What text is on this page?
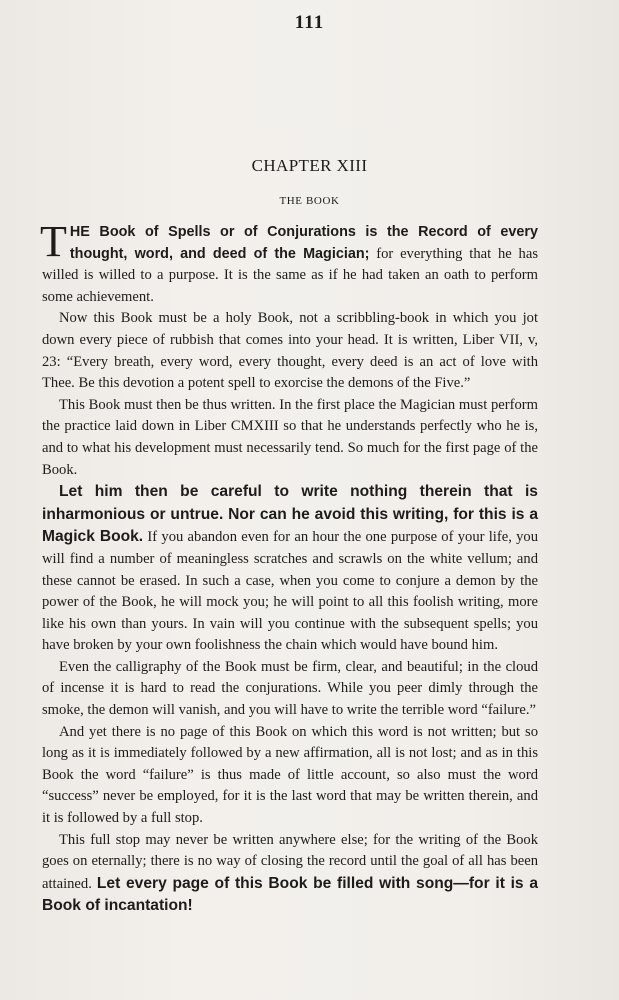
111
CHAPTER XIII
THE BOOK

THE Book of Spells or of Conjurations is the Record of every thought, word, and deed of the Magician; for everything that he has willed is willed to a purpose. It is the same as if he had taken an oath to perform some achievement.

Now this Book must be a holy Book, not a scribbling-book in which you jot down every piece of rubbish that comes into your head. It is written, Liber VII, v, 23: “Every breath, every word, every thought, every deed is an act of love with Thee. Be this devotion a potent spell to exorcise the demons of the Five.”

This Book must then be thus written. In the first place the Magician must perform the practice laid down in Liber CMXIII so that he understands perfectly who he is, and to what his development must necessarily tend. So much for the first page of the Book.

Let him then be careful to write nothing therein that is inharmonious or untrue. Nor can he avoid this writing, for this is a Magick Book. If you abandon even for an hour the one purpose of your life, you will find a number of meaningless scratches and scrawls on the white vellum; and these cannot be erased. In such a case, when you come to conjure a demon by the power of the Book, he will mock you; he will point to all this foolish writing, more like his own than yours. In vain will you continue with the subsequent spells; you have broken by your own foolishness the chain which would have bound him.

Even the calligraphy of the Book must be firm, clear, and beautiful; in the cloud of incense it is hard to read the conjurations. While you peer dimly through the smoke, the demon will vanish, and you will have to write the terrible word “failure.”

And yet there is no page of this Book on which this word is not written; but so long as it is immediately followed by a new affirmation, all is not lost; and as in this Book the word “failure” is thus made of little account, so also must the word “success” never be employed, for it is the last word that may be written therein, and it is followed by a full stop.

This full stop may never be written anywhere else; for the writing of the Book goes on eternally; there is no way of closing the record until the goal of all has been attained. Let every page of this Book be filled with song—for it is a Book of incantation!
